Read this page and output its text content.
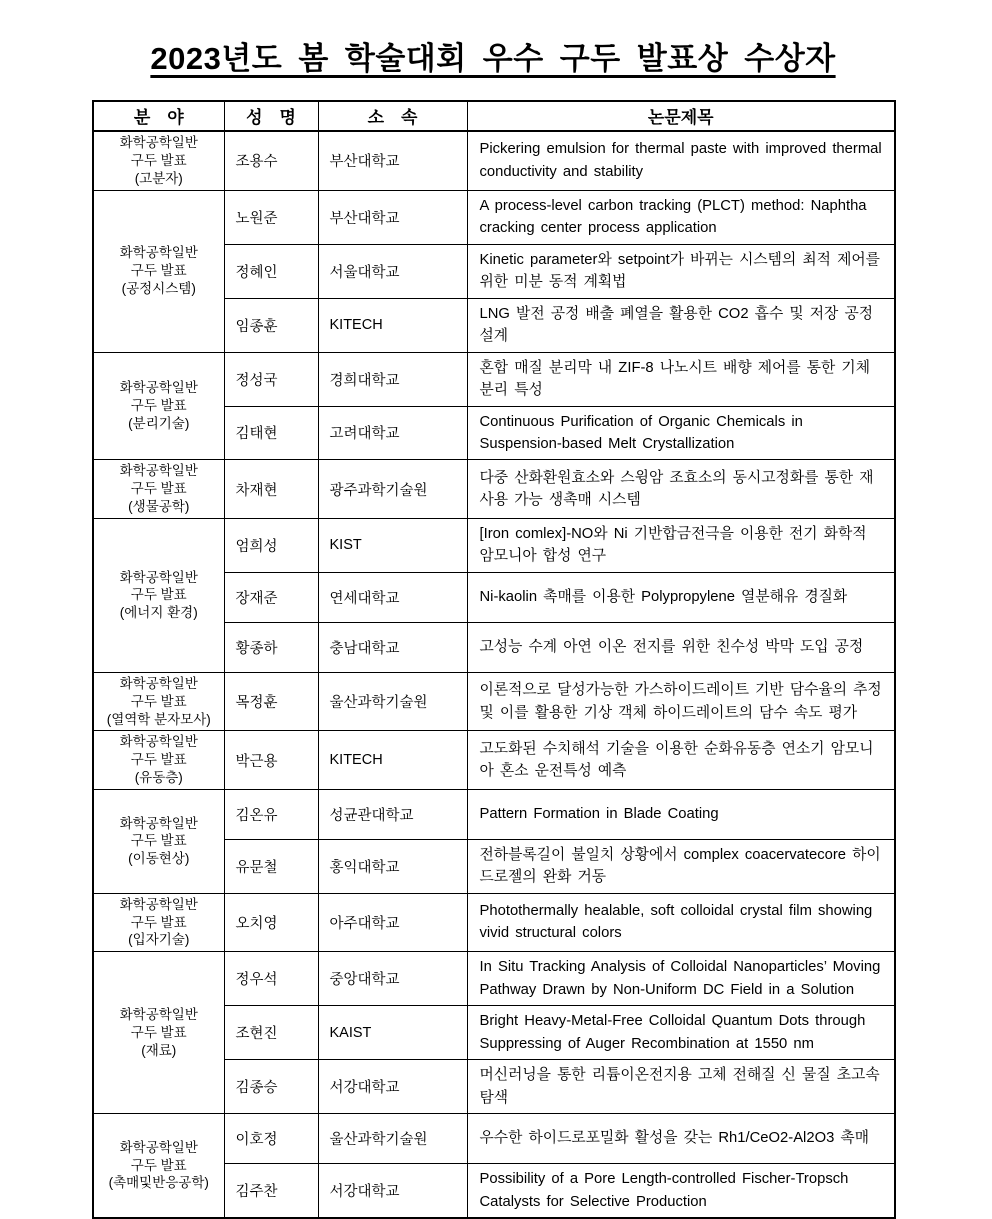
2023년도 봄 학술대회 우수 구두 발표상 수상자
분　야	성　명	소　속	논문제목

화학공학일반
구두 발표
(고분자)	조용수	부산대학교	Pickering emulsion for thermal paste with improved thermal conductivity and stability

화학공학일반
구두 발표
(공정시스템)	노원준	부산대학교	A process-level carbon tracking (PLCT) method: Naphtha cracking center process application
	정혜인	서울대학교	Kinetic parameter와 setpoint가 바뀌는 시스템의 최적 제어를 위한 미분 동적 계획법
	임종훈	KITECH	LNG 발전 공정 배출 폐열을 활용한 CO2 흡수 및 저장 공정 설계

화학공학일반
구두 발표
(분리기술)	정성국	경희대학교	혼합 매질 분리막 내 ZIF-8 나노시트 배향 제어를 통한 기체 분리 특성
	김태현	고려대학교	Continuous Purification of Organic Chemicals in Suspension-based Melt Crystallization

화학공학일반
구두 발표
(생물공학)	차재현	광주과학기술원	다중 산화환원효소와 스윙암 조효소의 동시고정화를 통한 재사용 가능 생촉매 시스템

화학공학일반
구두 발표
(에너지 환경)	엄희성	KIST	[Iron comlex]-NO와 Ni 기반합금전극을 이용한 전기 화학적 암모니아 합성 연구
	장재준	연세대학교	Ni-kaolin 촉매를 이용한 Polypropylene 열분해유 경질화
	황종하	충남대학교	고성능 수계 아연 이온 전지를 위한 친수성 박막 도입 공정

화학공학일반
구두 발표
(열역학 분자모사)	목정훈	울산과학기술원	이론적으로 달성가능한 가스하이드레이트 기반 담수율의 추정 및 이를 활용한 기상 객체 하이드레이트의 담수 속도 평가

화학공학일반
구두 발표
(유동층)	박근용	KITECH	고도화된 수치해석 기술을 이용한 순화유동층 연소기 암모니아 혼소 운전특성 예측

화학공학일반
구두 발표
(이동현상)	김온유	성균관대학교	Pattern Formation in Blade Coating
	유문철	홍익대학교	전하블록길이 불일치 상황에서 complex coacervatecore 하이드로젤의 완화 거동

화학공학일반
구두 발표
(입자기술)	오치영	아주대학교	Photothermally healable, soft colloidal crystal film showing vivid structural colors

화학공학일반
구두 발표
(재료)	정우석	중앙대학교	In Situ Tracking Analysis of Colloidal Nanoparticles’ Moving Pathway Drawn by Non-Uniform DC Field in a Solution
	조현진	KAIST	Bright Heavy-Metal-Free Colloidal Quantum Dots through Suppressing of Auger Recombination at 1550 nm
	김종승	서강대학교	머신러닝을 통한 리튬이온전지용 고체 전해질 신 물질 초고속 탐색

화학공학일반
구두 발표
(촉매및반응공학)	이호정	울산과학기술원	우수한 하이드로포밀화 활성을 갖는 Rh1/CeO2-Al2O3 촉매
	김주찬	서강대학교	Possibility of a Pore Length-controlled Fischer-Tropsch Catalysts for Selective Production
